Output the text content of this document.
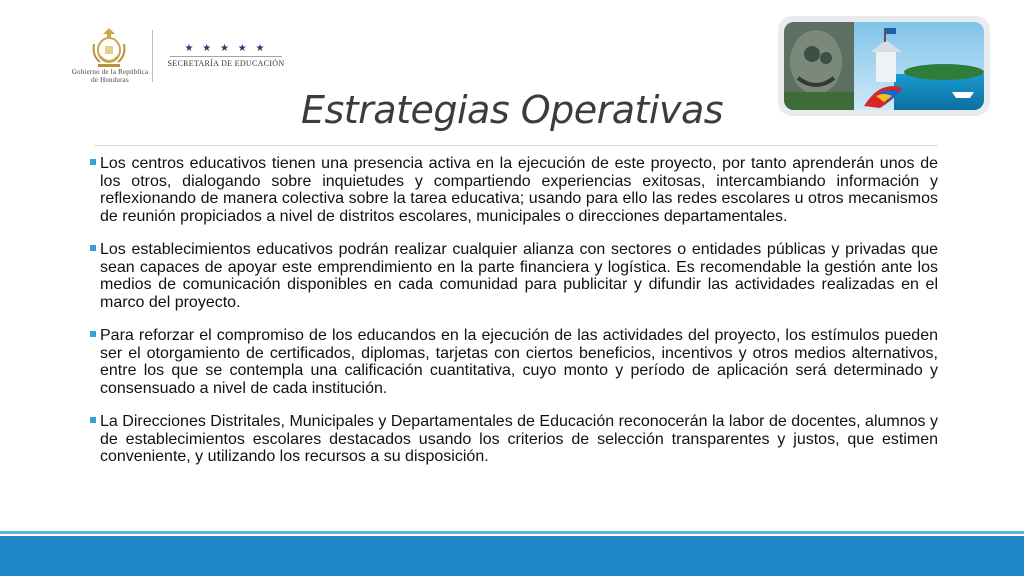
Gobierno de la República de Honduras
★ ★ ★ ★ ★
SECRETARÍA DE EDUCACIÓN
Estrategias Operativas
Los centros educativos tienen una presencia activa en la ejecución de este proyecto, por tanto aprenderán unos de los otros, dialogando sobre inquietudes y compartiendo experiencias exitosas, intercambiando información y reflexionando de manera colectiva sobre la tarea educativa; usando para ello las redes escolares u otros mecanismos de reunión propiciados a nivel de distritos escolares, municipales o direcciones departamentales.
Los establecimientos educativos podrán realizar cualquier alianza con sectores o entidades públicas y privadas que sean capaces de apoyar este emprendimiento en la parte financiera y logística. Es recomendable la gestión ante los medios de comunicación disponibles en cada comunidad para publicitar y difundir las actividades realizadas en el marco del proyecto.
Para reforzar el compromiso de los educandos en la ejecución de las actividades del proyecto, los estímulos pueden ser el otorgamiento de certificados, diplomas, tarjetas con ciertos beneficios, incentivos y otros medios alternativos, entre los que se contempla una calificación cuantitativa, cuyo monto y período de aplicación será determinado y consensuado a nivel de cada institución.
La Direcciones Distritales, Municipales y Departamentales de Educación reconocerán la labor de docentes, alumnos y de establecimientos escolares destacados usando los criterios de selección transparentes y justos, que estimen conveniente, y utilizando los recursos a su disposición.
